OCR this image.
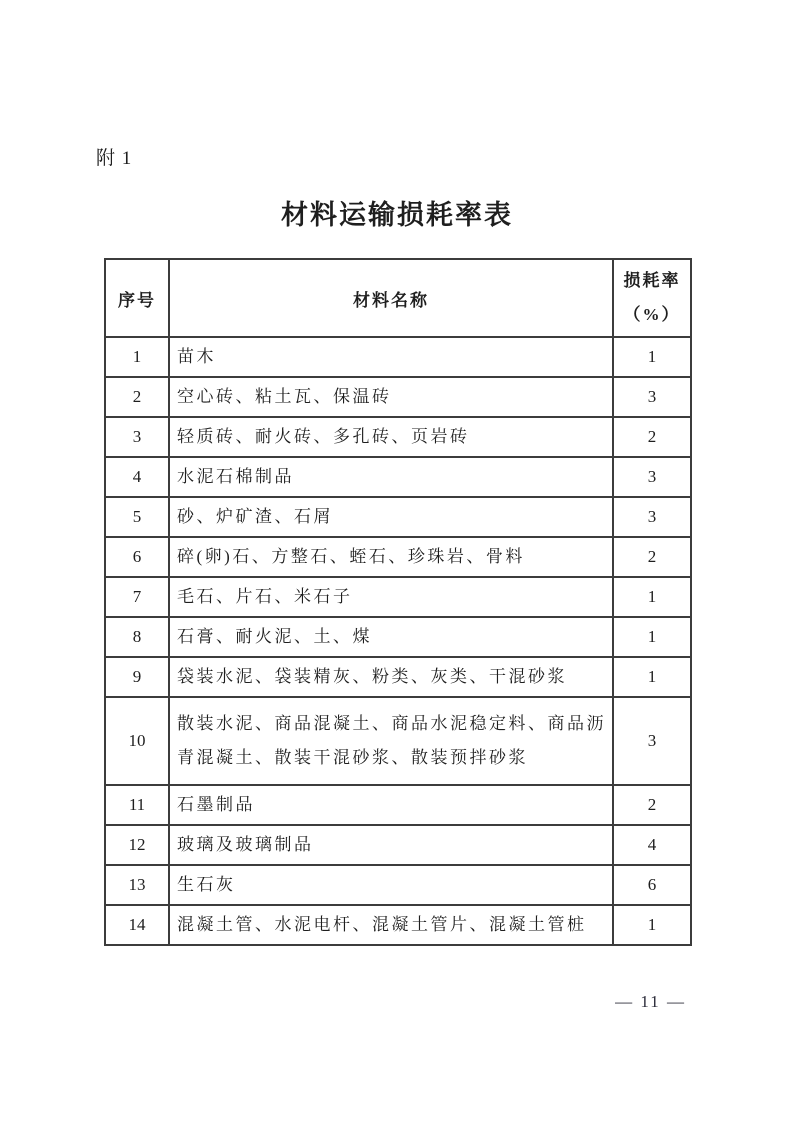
附 1
材料运输损耗率表
序号	材料名称	损耗率
（%）

1	苗木	1
2	空心砖、粘土瓦、保温砖	3
3	轻质砖、耐火砖、多孔砖、页岩砖	2
4	水泥石棉制品	3
5	砂、炉矿渣、石屑	3
6	碎(卵)石、方整石、蛭石、珍珠岩、骨料	2
7	毛石、片石、米石子	1
8	石膏、耐火泥、土、煤	1
9	袋装水泥、袋装精灰、粉类、灰类、干混砂浆	1
10	散装水泥、商品混凝土、商品水泥稳定料、商品沥青混凝土、散装干混砂浆、散装预拌砂浆	3
11	石墨制品	2
12	玻璃及玻璃制品	4
13	生石灰	6
14	混凝土管、水泥电杆、混凝土管片、混凝土管桩	1
— 11 —
